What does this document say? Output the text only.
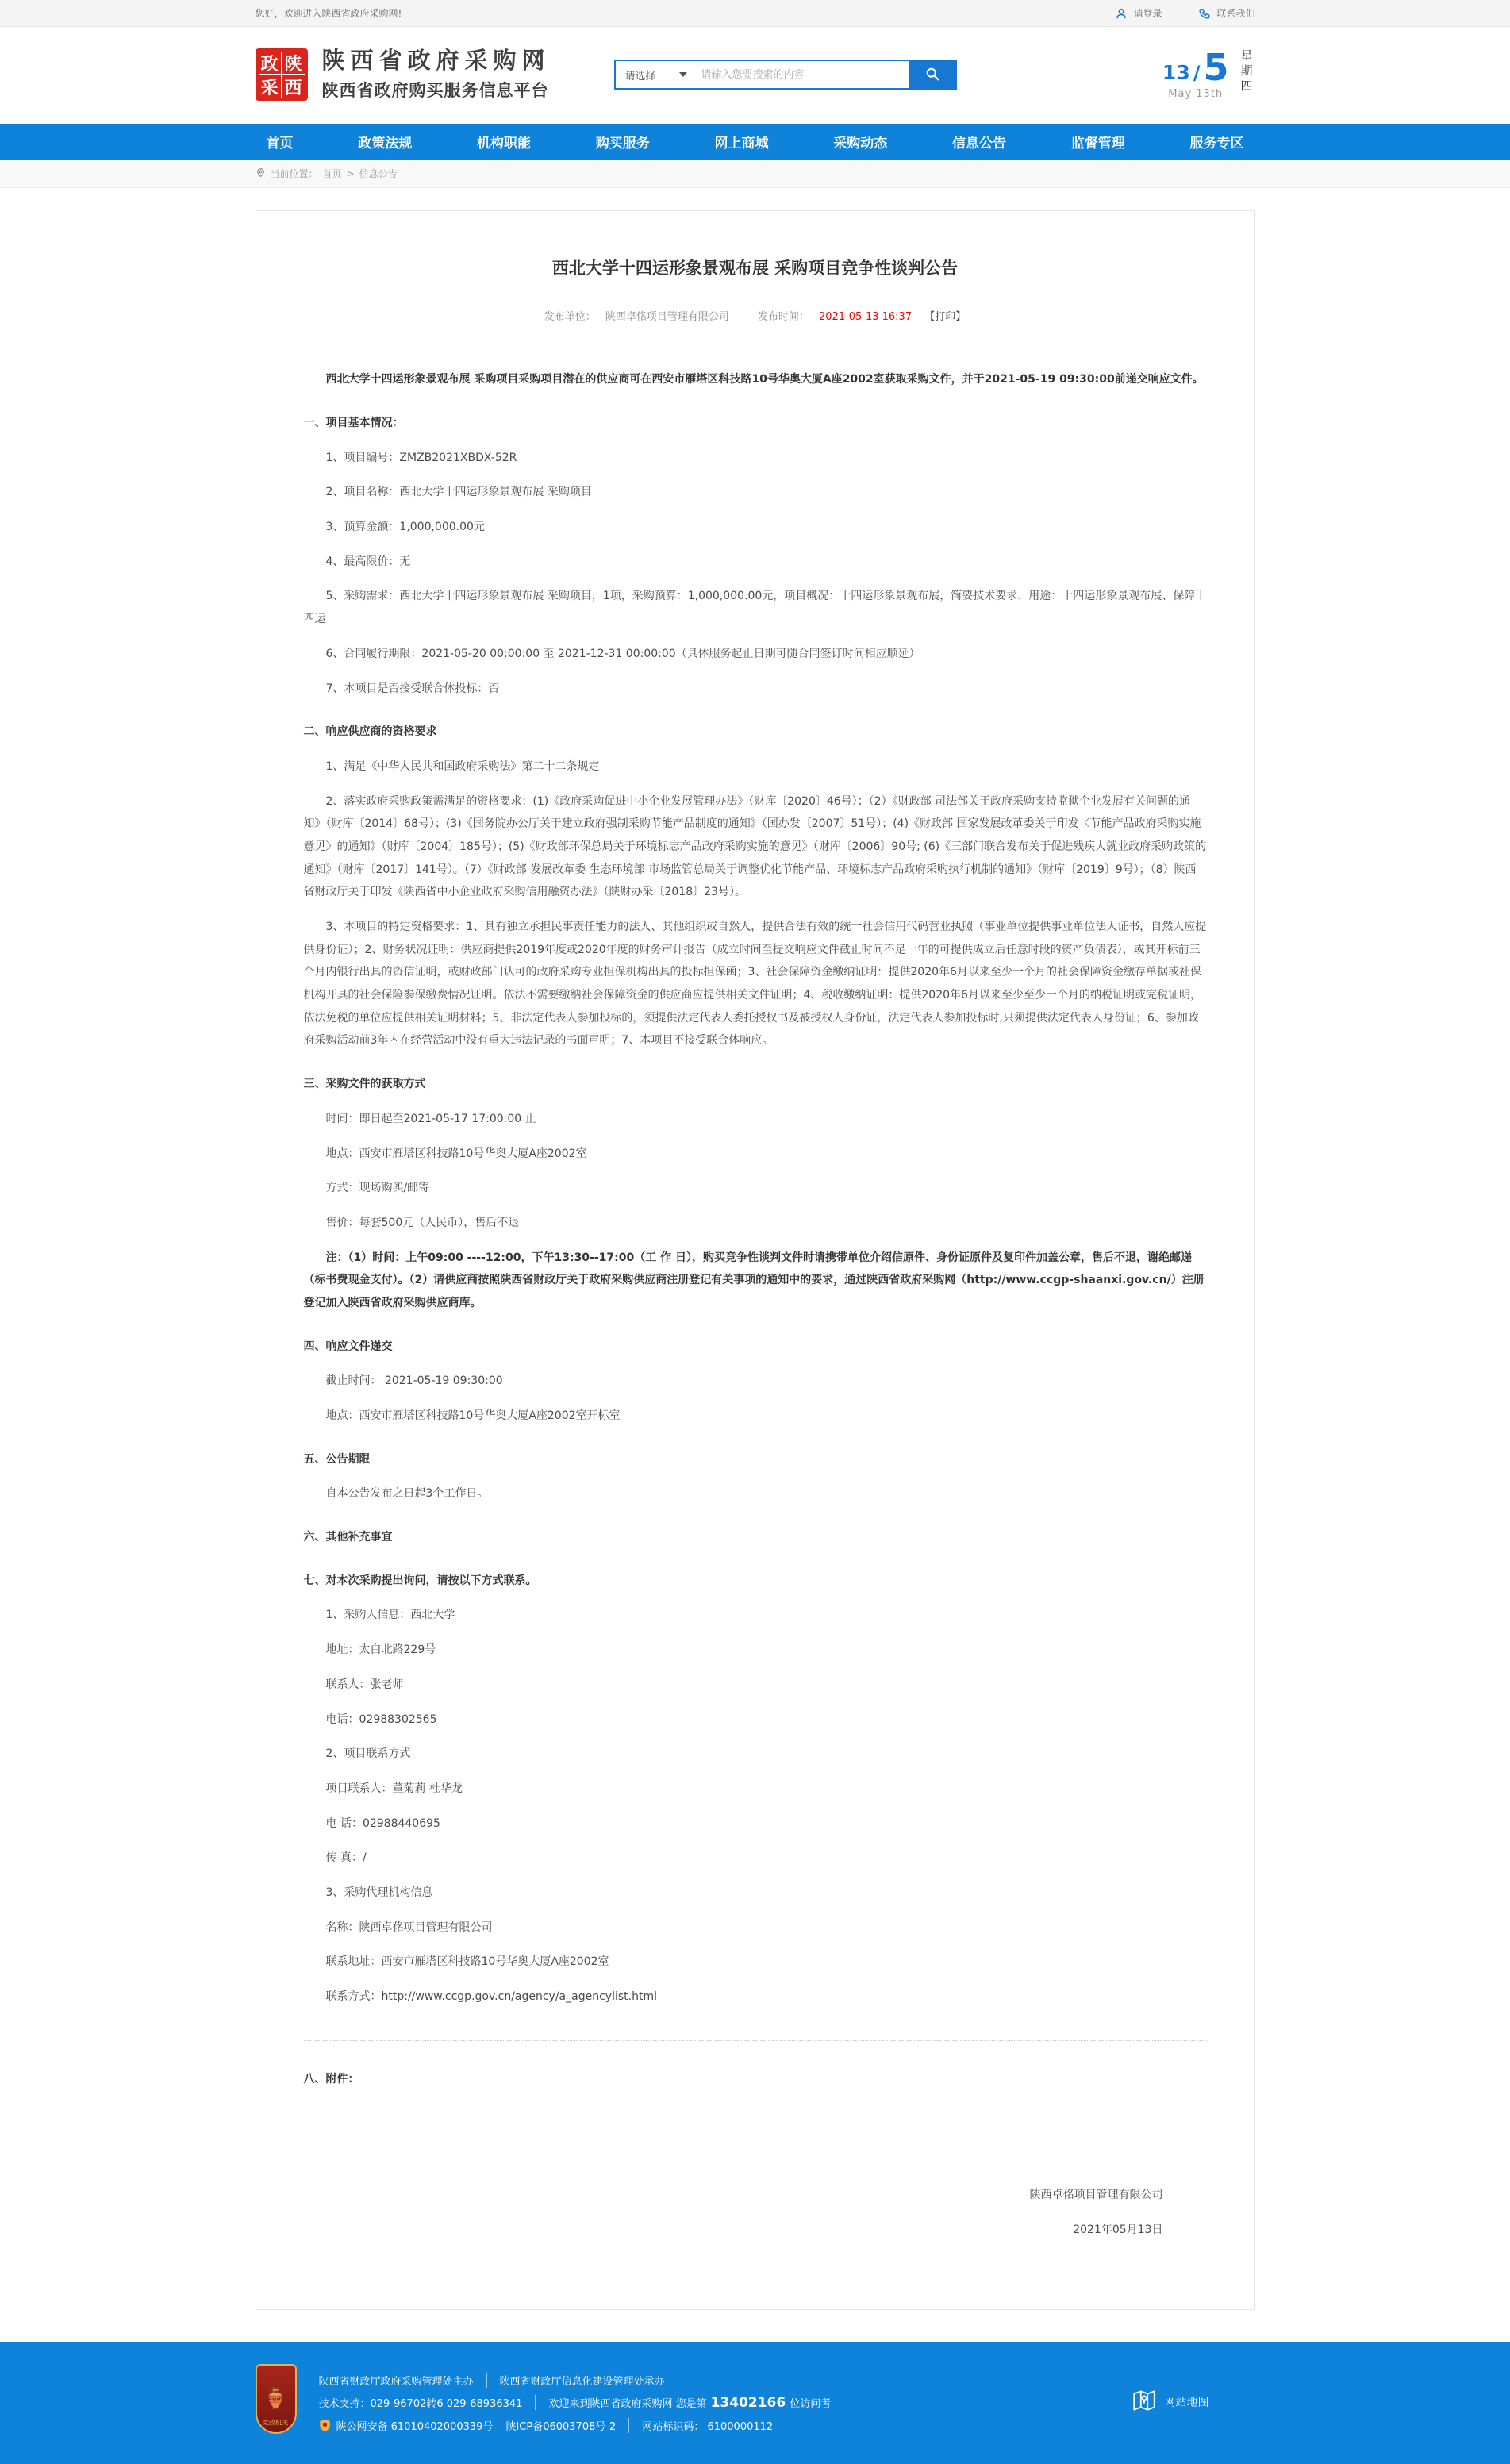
您好，欢迎进入陕西省政府采购网!	请登录	联系我们
政 陕
采 西
陕西省政府采购网
陕西省政府购买服务信息平台
请选择
请输入您要搜索的内容	13 / 5
May 13th	星期四
首页	政策法规	机构职能	购买服务	网上商城	采购动态	信息公告	监督管理	服务专区
当前位置： 首页 > 信息公告
西北大学十四运形象景观布展 采购项目竞争性谈判公告
发布单位： 陕西卓佲项目管理有限公司	发布时间： 2021-05-13 16:37 【打印】

西北大学十四运形象景观布展 采购项目采购项目潜在的供应商可在西安市雁塔区科技路10号华奥大厦A座2002室获取采购文件，并于2021-05-19 09:30:00前递交响应文件。

一、项目基本情况：

1、项目编号：ZMZB2021XBDX-52R

2、项目名称：西北大学十四运形象景观布展 采购项目

3、预算金额：1,000,000.00元

4、最高限价：无

5、采购需求：西北大学十四运形象景观布展 采购项目，1项，采购预算：1,000,000.00元，项目概况：十四运形象景观布展，简要技术要求、用途：十四运形象景观布展、保障十四运

6、合同履行期限：2021-05-20 00:00:00 至 2021-12-31 00:00:00（具体服务起止日期可随合同签订时间相应顺延）

7、本项目是否接受联合体投标：否

二、响应供应商的资格要求

1、满足《中华人民共和国政府采购法》第二十二条规定

2、落实政府采购政策需满足的资格要求：(1)《政府采购促进中小企业发展管理办法》（财库〔2020〕46号）；（2）《财政部 司法部关于政府采购支持监狱企业发展有关问题的通知》（财库〔2014〕68号）；(3)《国务院办公厅关于建立政府强制采购节能产品制度的通知》（国办发〔2007〕51号）；(4)《财政部 国家发展改革委关于印发〈节能产品政府采购实施意见〉的通知》（财库〔2004〕185号）；(5)《财政部环保总局关于环境标志产品政府采购实施的意见》（财库〔2006〕90号; (6)《三部门联合发布关于促进残疾人就业政府采购政策的通知》（财库〔2017〕141号）。（7）《财政部 发展改革委 生态环境部 市场监管总局关于调整优化节能产品、环境标志产品政府采购执行机制的通知》（财库〔2019〕9号）；（8）陕西省财政厅关于印发《陕西省中小企业政府采购信用融资办法》（陕财办采〔2018〕23号）。

3、本项目的特定资格要求：1、具有独立承担民事责任能力的法人、其他组织或自然人，提供合法有效的统一社会信用代码营业执照（事业单位提供事业单位法人证书，自然人应提供身份证）；2、财务状况证明：供应商提供2019年度或2020年度的财务审计报告（成立时间至提交响应文件截止时间不足一年的可提供成立后任意时段的资产负债表），或其开标前三个月内银行出具的资信证明，或财政部门认可的政府采购专业担保机构出具的投标担保函；3、社会保障资金缴纳证明：提供2020年6月以来至少一个月的社会保障资金缴存单据或社保机构开具的社会保险参保缴费情况证明。依法不需要缴纳社会保障资金的供应商应提供相关文件证明；4、税收缴纳证明：提供2020年6月以来至少至少一个月的纳税证明或完税证明，依法免税的单位应提供相关证明材料；5、非法定代表人参加投标的，须提供法定代表人委托授权书及被授权人身份证，法定代表人参加投标时,只须提供法定代表人身份证；6、参加政府采购活动前3年内在经营活动中没有重大违法记录的书面声明；7、本项目不接受联合体响应。

三、采购文件的获取方式

时间：即日起至2021-05-17 17:00:00 止

地点：西安市雁塔区科技路10号华奥大厦A座2002室

方式：现场购买/邮寄

售价：每套500元（人民币），售后不退

注：（1）时间：上午09:00 ----12:00，下午13:30--17:00（工 作 日），购买竞争性谈判文件时请携带单位介绍信原件、身份证原件及复印件加盖公章，售后不退，谢绝邮递（标书费现金支付）。（2）请供应商按照陕西省财政厅关于政府采购供应商注册登记有关事项的通知中的要求，通过陕西省政府采购网（http://www.ccgp-shaanxi.gov.cn/）注册登记加入陕西省政府采购供应商库。

四、响应文件递交

截止时间： 2021-05-19 09:30:00

地点：西安市雁塔区科技路10号华奥大厦A座2002室开标室

五、公告期限

自本公告发布之日起3个工作日。

六、其他补充事宜

七、对本次采购提出询问，请按以下方式联系。

1、采购人信息：西北大学

地址：太白北路229号

联系人：张老师

电话：02988302565

2、项目联系方式

项目联系人：董菊莉 杜华龙

电 话：02988440695

传 真：/

3、采购代理机构信息

名称：陕西卓佲项目管理有限公司

联系地址：西安市雁塔区科技路10号华奥大厦A座2002室

联系方式：http://www.ccgp.gov.cn/agency/a_agencylist.html

八、附件：

陕西卓佲项目管理有限公司

2021年05月13日

🏺
党政机关
陕西省财政厅政府采购管理处主办	陕西省财政厅信息化建设管理处承办
技术支持：029-96702转6 029-68936341	欢迎来到陕西省政府采购网 您是第 13402166 位访问者
陕公网安备 61010402000339号	陕ICP备06003708号-2	网站标识码： 6100000112
网站地图
